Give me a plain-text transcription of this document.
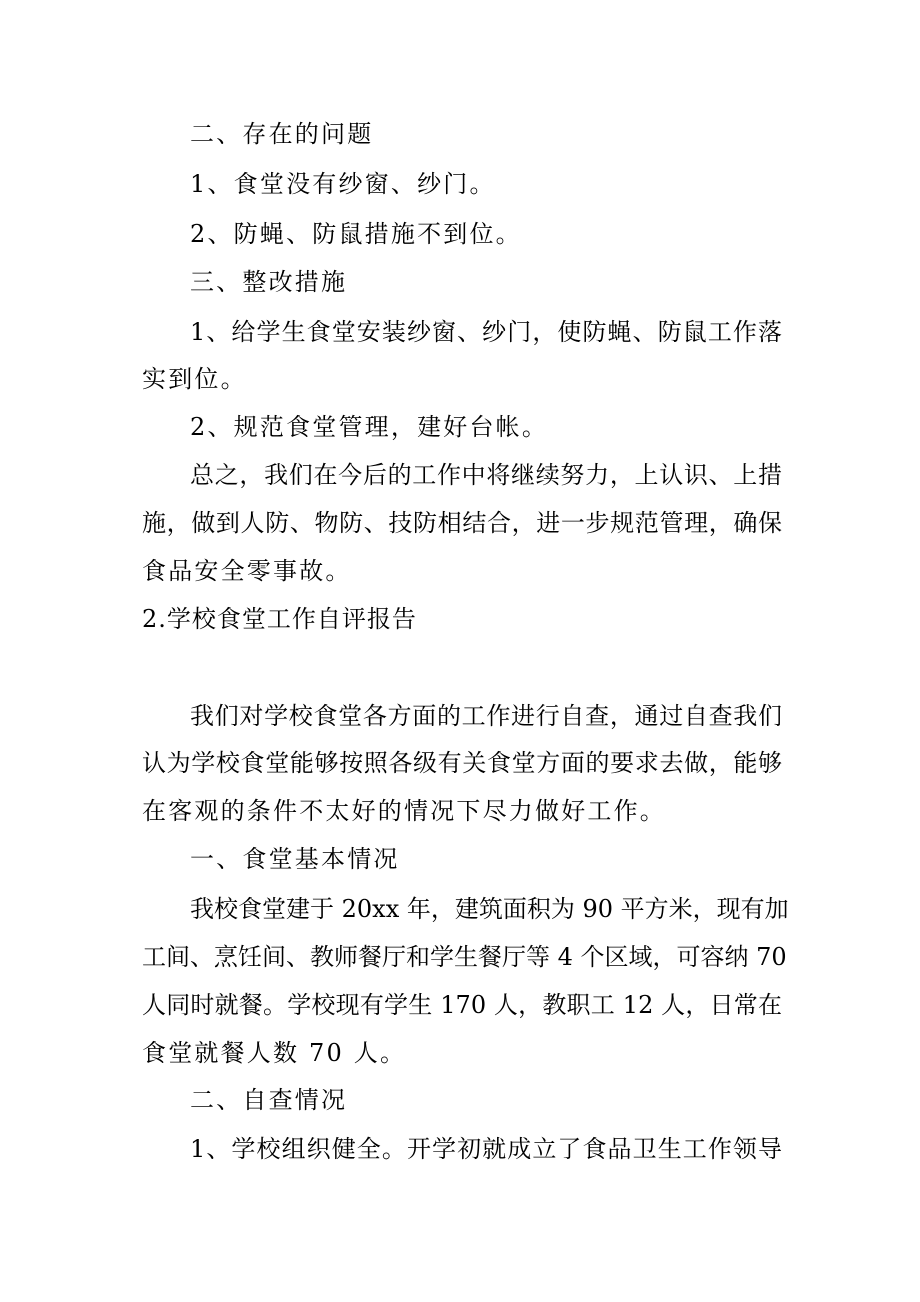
二、存在的问题
1、食堂没有纱窗、纱门。
2、防蝇、防鼠措施不到位。
三、整改措施
1、给学生食堂安装纱窗、纱门，使防蝇、防鼠工作落
实到位。
2、规范食堂管理，建好台帐。
总之，我们在今后的工作中将继续努力，上认识、上措
施，做到人防、物防、技防相结合，进一步规范管理，确保
食品安全零事故。
2.学校食堂工作自评报告
我们对学校食堂各方面的工作进行自查，通过自查我们
认为学校食堂能够按照各级有关食堂方面的要求去做，能够
在客观的条件不太好的情况下尽力做好工作。
一、食堂基本情况
我校食堂建于 20xx 年，建筑面积为 90 平方米，现有加
工间、烹饪间、教师餐厅和学生餐厅等 4 个区域，可容纳 70
人同时就餐。学校现有学生 170 人，教职工 12 人，日常在
食堂就餐人数 70 人。
二、自查情况
1、学校组织健全。开学初就成立了食品卫生工作领导
